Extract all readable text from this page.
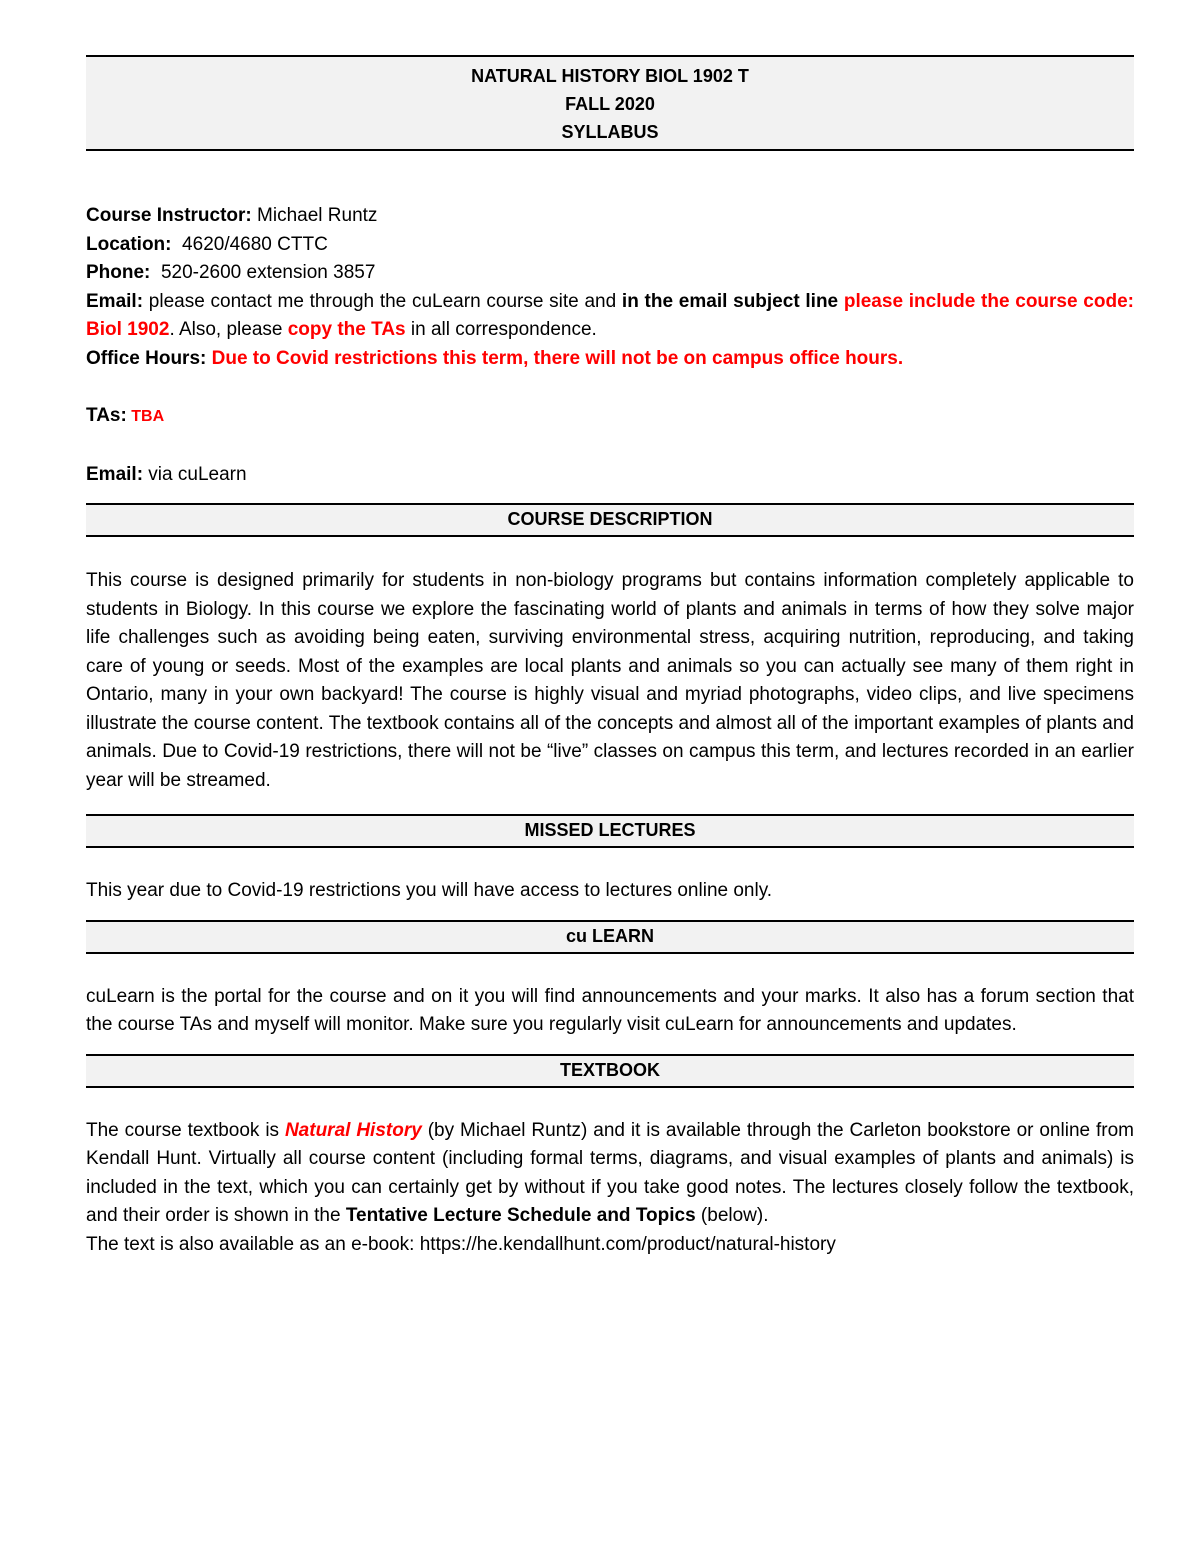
NATURAL HISTORY BIOL 1902 T
FALL 2020
SYLLABUS

Course Instructor: Michael Runtz

Location:  4620/4680 CTTC

Phone:  520-2600 extension 3857

Email: please contact me through the cuLearn course site and in the email subject line please include the course code: Biol 1902. Also, please copy the TAs in all correspondence.

Office Hours: Due to Covid restrictions this term, there will not be on campus office hours.

TAs: TBA

Email: via cuLearn

COURSE DESCRIPTION

This course is designed primarily for students in non-biology programs but contains information completely applicable to students in Biology. In this course we explore the fascinating world of plants and animals in terms of how they solve major life challenges such as avoiding being eaten, surviving environmental stress, acquiring nutrition, reproducing, and taking care of young or seeds. Most of the examples are local plants and animals so you can actually see many of them right in Ontario, many in your own backyard! The course is highly visual and myriad photographs, video clips, and live specimens illustrate the course content. The textbook contains all of the concepts and almost all of the important examples of plants and animals. Due to Covid-19 restrictions, there will not be “live” classes on campus this term, and lectures recorded in an earlier year will be streamed.

MISSED LECTURES

This year due to Covid-19 restrictions you will have access to lectures online only.

cu LEARN

cuLearn is the portal for the course and on it you will find announcements and your marks. It also has a forum section that the course TAs and myself will monitor. Make sure you regularly visit cuLearn for announcements and updates.

TEXTBOOK

The course textbook is Natural History (by Michael Runtz) and it is available through the Carleton bookstore or online from Kendall Hunt. Virtually all course content (including formal terms, diagrams, and visual examples of plants and animals) is included in the text, which you can certainly get by without if you take good notes. The lectures closely follow the textbook, and their order is shown in the Tentative Lecture Schedule and Topics (below).

The text is also available as an e-book: https://he.kendallhunt.com/product/natural-history
